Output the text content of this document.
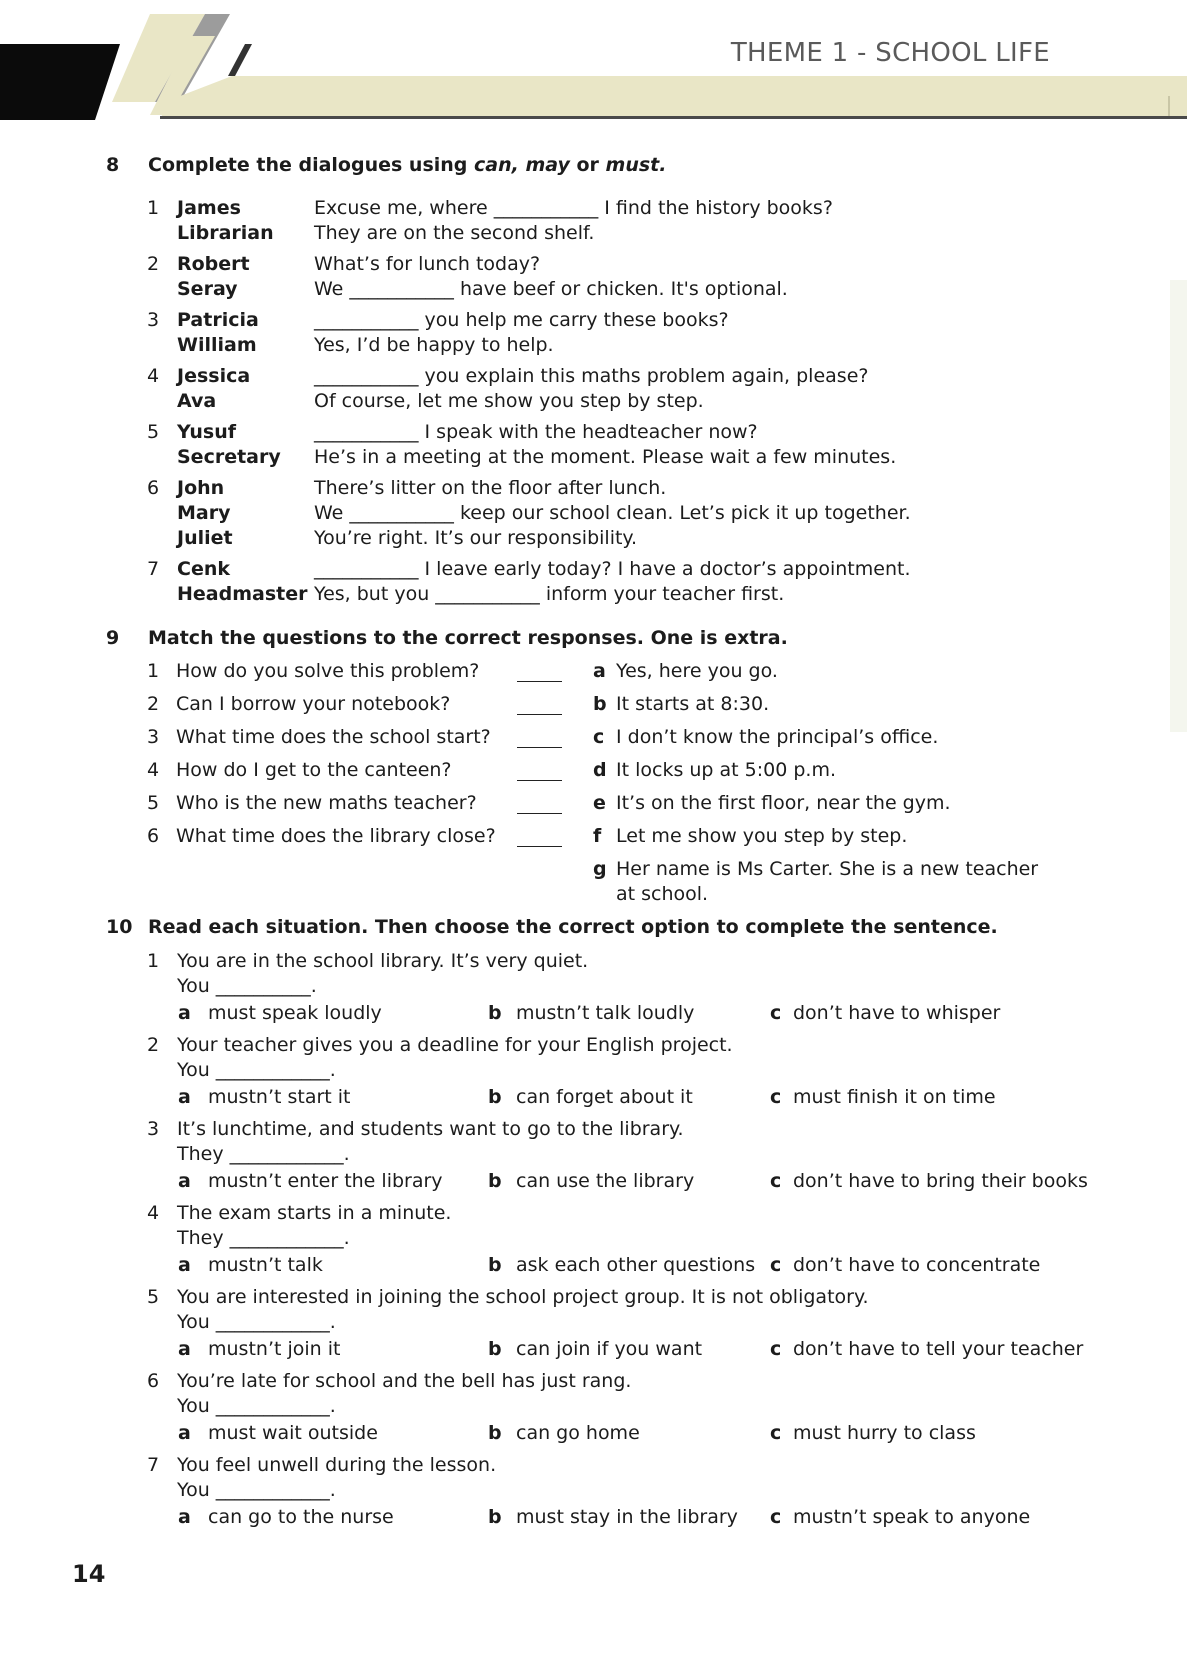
THEME 1 - SCHOOL LIFE
8 Complete the dialogues using can, may or must.
1 James	Excuse me, where ___________ I find the history books?
Librarian They are on the second shelf.
2 Robert	What’s for lunch today?
Seray	We ___________ have beef or chicken. It's optional.
3 Patricia	___________ you help me carry these books?
William	Yes, I’d be happy to help.
4 Jessica	___________ you explain this maths problem again, please?
Ava	Of course, let me show you step by step.
5 Yusuf	___________ I speak with the headteacher now?
Secretary He’s in a meeting at the moment. Please wait a few minutes.
6 John	There’s litter on the floor after lunch.
Mary	We ___________ keep our school clean. Let’s pick it up together.
Juliet	You’re right. It’s our responsibility.
7 Cenk	___________ I leave early today? I have a doctor’s appointment.
Headmaster Yes, but you ___________ inform your teacher first.
9 Match the questions to the correct responses. One is extra.
1 How do you solve this problem?
2 Can I borrow your notebook?
3 What time does the school start?
4 How do I get to the canteen?
5 Who is the new maths teacher?
6 What time does the library close?
a Yes, here you go.
b It starts at 8:30.
c I don’t know the principal’s office.
d It locks up at 5:00 p.m.
e It’s on the first floor, near the gym.
f Let me show you step by step.
g Her name is Ms Carter. She is a new teacher
at school.
10 Read each situation. Then choose the correct option to complete the sentence.
1 You are in the school library. It’s very quiet.
You __________.
a must speak loudly	b mustn’t talk loudly	c don’t have to whisper
2 Your teacher gives you a deadline for your English project.
You ____________.
a mustn’t start it	b can forget about it	c must finish it on time
3 It’s lunchtime, and students want to go to the library.
They ____________.
a mustn’t enter the library b can use the library	c don’t have to bring their books
4 The exam starts in a minute.
They ____________.
a mustn’t talk	b ask each other questions c don’t have to concentrate
5 You are interested in joining the school project group. It is not obligatory.
You ____________.
a mustn’t join it	b can join if you want	c don’t have to tell your teacher
6 You’re late for school and the bell has just rang.
You ____________.
a must wait outside	b can go home	c must hurry to class
7 You feel unwell during the lesson.
You ____________.
a can go to the nurse	b must stay in the library c mustn’t speak to anyone
14
